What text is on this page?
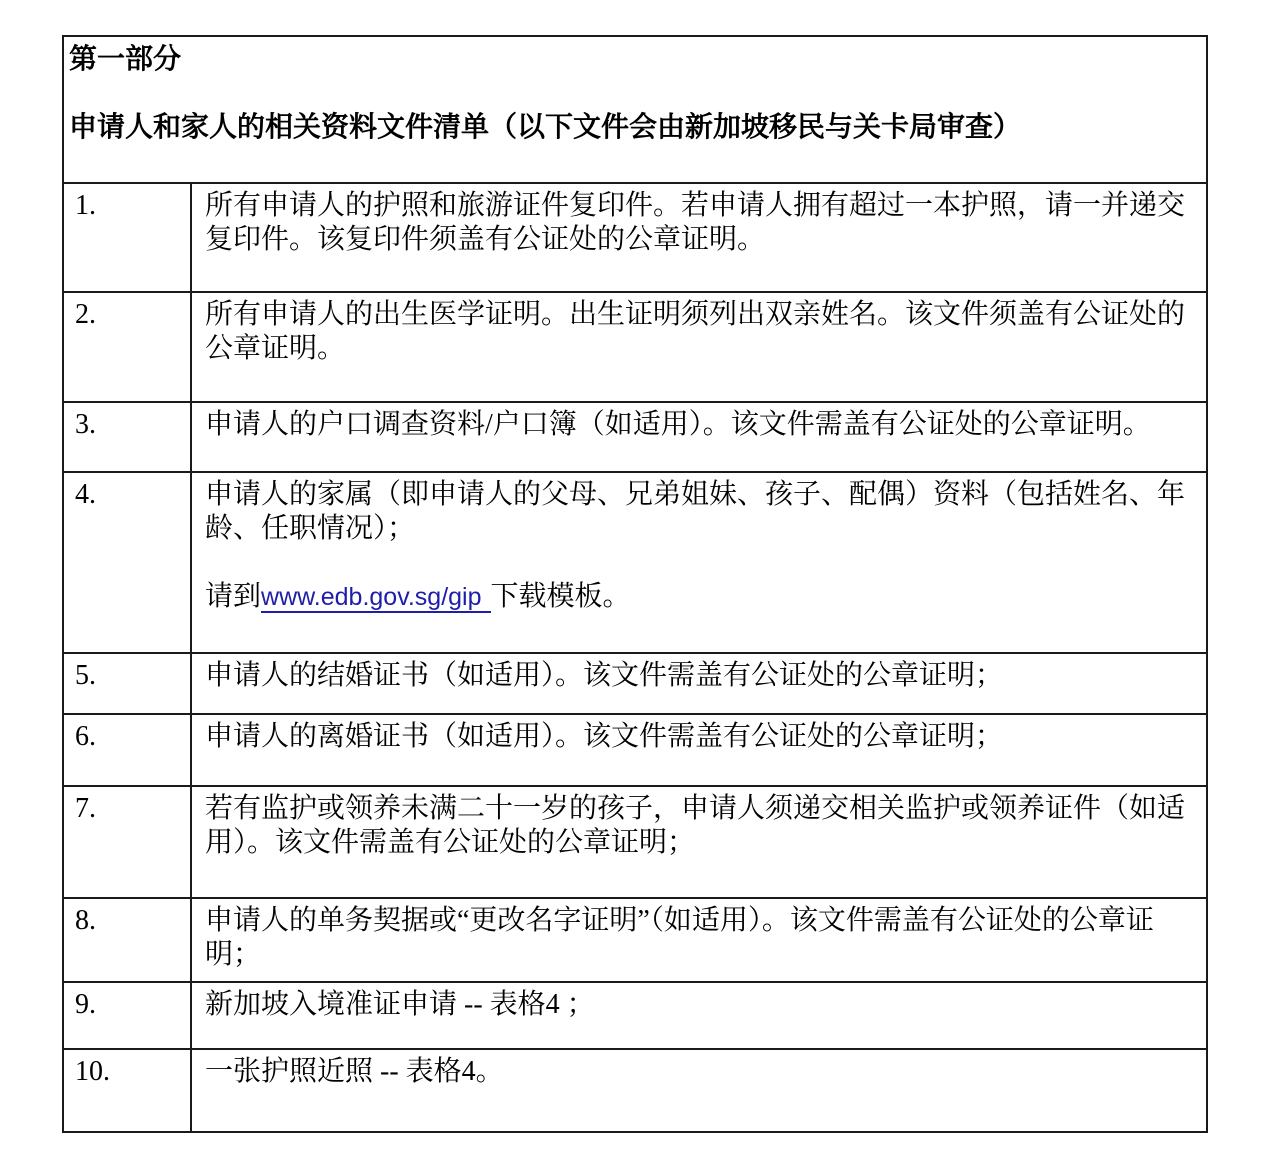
第一部分
申请人和家人的相关资料文件清单（以下文件会由新加坡移民与关卡局审查）	

1.	所有申请人的护照和旅游证件复印件。若申请人拥有超过一本护照，请一并递交复印件。该复印件须盖有公证处的公章证明。
2.	所有申请人的出生医学证明。出生证明须列出双亲姓名。该文件须盖有公证处的公章证明。
3.	申请人的户口调查资料/户口簿（如适用）。该文件需盖有公证处的公章证明。
4.	申请人的家属（即申请人的父母、兄弟姐妹、孩子、配偶）资料（包括姓名、年龄、任职情况）；
请到www.edb.gov.sg/gip 下载模板。

5.	申请人的结婚证书（如适用）。该文件需盖有公证处的公章证明；
6.	申请人的离婚证书（如适用）。该文件需盖有公证处的公章证明；
7.	若有监护或领养未满二十一岁的孩子，申请人须递交相关监护或领养证件（如适用）。该文件需盖有公证处的公章证明；
8.	申请人的单务契据或“更改名字证明”（如适用）。该文件需盖有公证处的公章证明；
9.	新加坡入境准证申请 -- 表格4 ；
10.	一张护照近照 -- 表格4。
